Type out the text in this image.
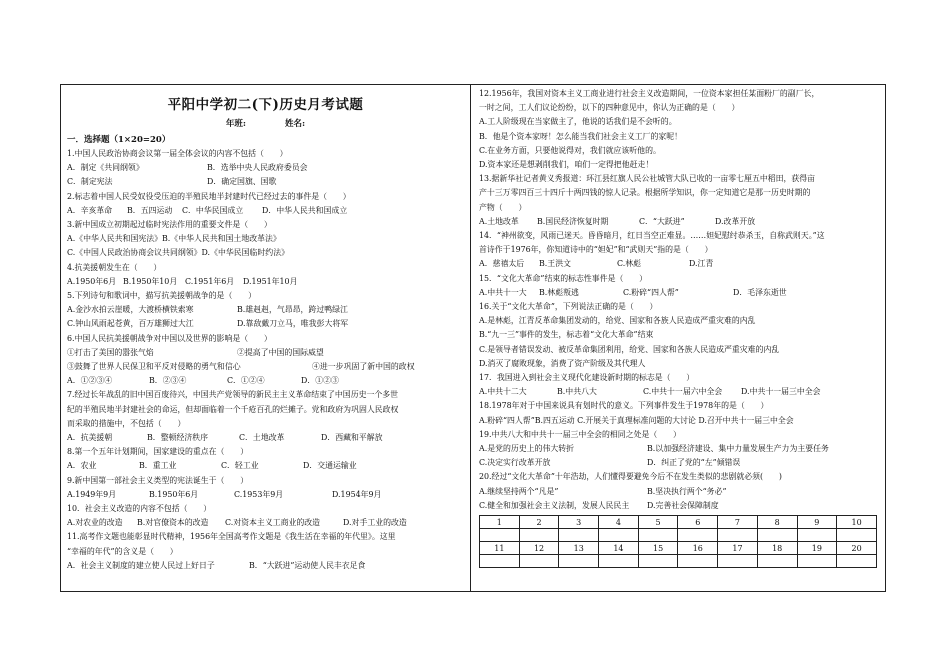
平阳中学初二(下)历史月考试题
年班:	姓名:
一．选择题（1×20=20）
1.中国人民政治协商会议第一届全体会议的内容不包括（　　）
A．制定《共同纲领》	B．选举中央人民政府委员会
C．制定宪法	D．确定国旗、国歌
2.标志着中国人民受奴役受压迫的半殖民地半封建时代已经过去的事件是（　　）
A．辛亥革命	B．五四运动	C．中华民国成立	D．中华人民共和国成立
3.新中国成立初期起过临时宪法作用的重要文件是（　　）
A.《中华人民共和国宪法》B.《中华人民共和国土地改革法》
C.《中国人民政治协商会议共同纲领》D.《中华民国临时约法》
4.抗美援朝发生在（　　）
A.1950年6月 B.1950年10月 C.1951年6月	D.1951年10月
5.下列诗句和歌词中，描写抗美援朝战争的是（　　）
A.金沙水拍云崖暖，大渡桥横铁索寒	B.雄赳赳，气昂昂，跨过鸭绿江
C.钟山风雨起苍黄，百万雄狮过大江	D.靠敌戴刀立马，唯我彭大将军
6.中国人民抗美援朝战争对中国以及世界的影响是（　　）
①打击了美国的嚣张气焰	②提高了中国的国际威望
③鼓舞了世界人民保卫和平反对侵略的勇气和信心	④进一步巩固了新中国的政权
A．①②③④	B．②③④	C．①②④	D．①②③
7.经过长年战乱的旧中国百废待兴，中国共产党领导的新民主主义革命结束了中国历史一个多世
纪的半殖民地半封建社会的命运，但却面临着一个千疮百孔的烂摊子。党和政府为巩固人民政权
而采取的措施中，不包括（　　）
A．抗美援朝	B．整顿经济秩序	C．土地改革	D．西藏和平解放
8.第一个五年计划期间，国家建设的重点在（　　）
A．农业	B．重工业	C．轻工业	D．交通运输业
9.新中国第一部社会主义类型的宪法诞生于（　　）
A.1949年9月	B.1950年6月	C.1953年9月	D.1954年9月
10．社会主义改造的内容不包括（　　）
A.对农业的改造	B.对官僚资本的改造	C.对资本主义工商业的改造	D.对手工业的改造
11.高考作文题也能彰显时代精神，1956年全国高考作文题是《我生活在幸福的年代里》。这里
“幸福的年代”的含义是（　　）
A．社会主义制度的建立使人民过上好日子	B．“大跃进”运动使人民丰衣足食
12.1956年，我国对资本主义工商业进行社会主义改造期间，一位资本家担任某面粉厂的副厂长，
一时之间，工人们议论纷纷，以下的四种意见中，你认为正确的是（　　）
A.工人阶级现在当家做主了，他说的话我们是不会听的。
B．他是个资本家呀！怎么能当我们社会主义工厂的家呢！
C.在业务方面，只要他说得对，我们就应该听他的。
D.资本家还是想剥削我们，咱们一定得把他赶走！
13.据新华社记者黄义秀报道：环江县红旗人民公社城管大队已收的一亩零七厘五中稻田，获得亩
产十三万零四百三十四斤十两四钱的惊人记录。根据所学知识，你一定知道它是那一历史时期的
产物（　　）
A.土地改革	B.国民经济恢复时期	C．“大跃进”	D.改革开放
14．“神州欲变，风雨已迷天。昏昏暗月，红日当空正难显。……妲妃慰纣恭杀玉，自称武则天。”这
首诗作于1976年，你知道诗中的“妲妃”和“武则天”指的是（　　）
A．慈禧太后	B.王洪文	C.林彪	D.江青
15．“文化大革命”结束的标志性事件是（　　）
A.中共十一大	B.林彪叛逃	C.粉碎“四人帮”	D．毛泽东逝世
16.关于“文化大革命”，下列说法正确的是（　　）
A.是林彪，江青反革命集团发动的，给党、国家和各族人民造成严重灾难的内乱
B.“九一三”事件的发生，标志着“文化大革命”结束
C.是领导者错误发动、被反革命集团利用，给党、国家和各族人民造成严重灾难的内乱
D.消灭了腐败现象，消费了资产阶级及其代理人
17．我国进入到社会主义现代化建设新时期的标志是（　　）
A.中共十二大	B.中共八大	C.中共十一届六中全会	D.中共十一届三中全会
18.1978年对于中国来说具有划时代的意义。下列事件发生于1978年的是（　　）
A.粉碎“四人帮”B.四五运动 C.开展关于真理标准问题的大讨论 D.召开中共十一届三中全会
19.中共八大和中共十一届三中全会的相同之处是（　　）
A.是党的历史上的伟大转折	B.以加强经济建设、集中力量发展生产力为主要任务
C.决定实行改革开放	D．纠正了党的“左”倾错误
20.经过“文化大革命”十年浩劫，人们懂得要避免今后不在发生类似的悲剧就必须(　　)
A.继续坚持两个“凡是”	B.坚决执行两个“务必”
C.健全和加强社会主义法制，发展人民民主	D.完善社会保障制度
1	2	3	4	5	6	7	8	9	10

11	12	13	14	15	16	17	18	19	20
